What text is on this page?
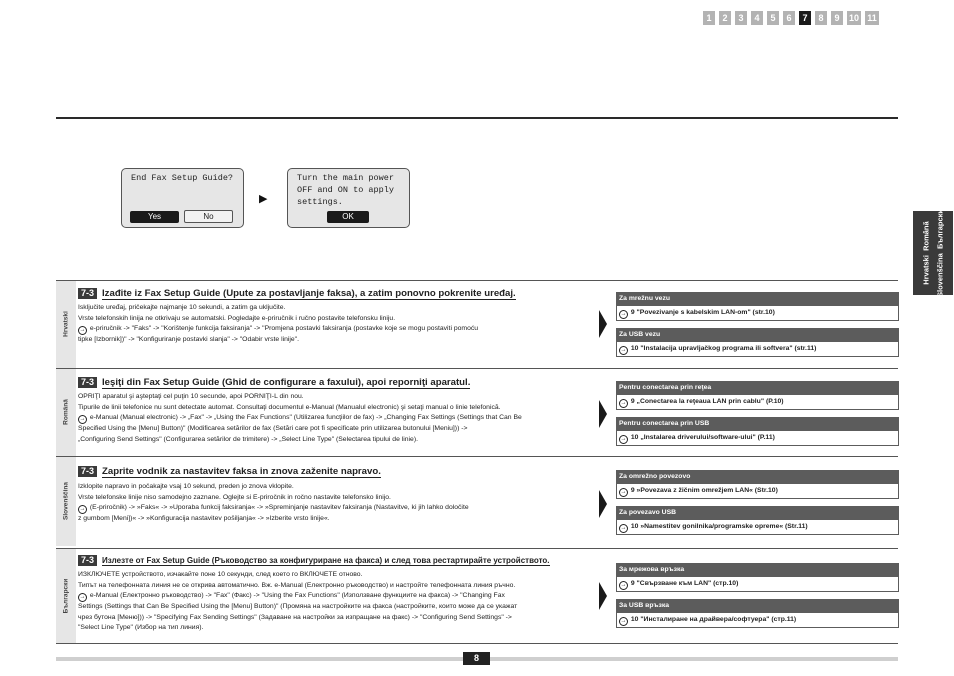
1	2	3	4	5	6	7	8	9	10 11
End Fax Setup Guide?
Yes	No
▶
Turn the main power
OFF and ON to apply
settings.
OK
Hrvatski  Română
Slovenščina  Български
Hrvatski
7-3 Izađite iz Fax Setup Guide (Upute za postavljanje faksa), a zatim ponovno pokrenite uređaj.

Isključite uređaj, pričekajte najmanje 10 sekundi, a zatim ga uključite.

Vrste telefonskih linija ne otkrivaju se automatski. Pogledajte e-priručnik i ručno postavite telefonsku liniju.

→ e-priručnik -> "Faks" -> "Korištenje funkcija faksiranja" -> "Promjena postavki faksiranja (postavke koje se mogu postaviti pomoću

tipke [Izbornik])" -> "Konfiguriranje postavki slanja" -> "Odabir vrste linije".

Za mrežnu vezu
→ 9 "Povezivanje s kabelskim LAN-om" (str.10)
Za USB vezu
→ 10 "Instalacija upravljačkog programa ili softvera" (str.11)
Română
7-3 Ieşiţi din Fax Setup Guide (Ghid de configurare a faxului), apoi reporniţi aparatul.

OPRIŢI aparatul şi aşteptaţi cel puţin 10 secunde, apoi PORNIŢI-L din nou.

Tipurile de linii telefonice nu sunt detectate automat. Consultaţi documentul e-Manual (Manualul electronic) şi setaţi manual o linie telefonică.

→ e-Manual (Manual electronic) -> „Fax" -> „Using the Fax Functions" (Utilizarea funcţiilor de fax) -> „Changing Fax Settings (Settings that Can Be

Specified Using the [Menu] Button)" (Modificarea setărilor de fax (Setări care pot fi specificate prin utilizarea butonului [Meniu])) ->

„Configuring Send Settings" (Configurarea setărilor de trimitere) -> „Select Line Type" (Selectarea tipului de linie).

Pentru conectarea prin reţea
→ 9 „Conectarea la reţeaua LAN prin cablu" (P.10)
Pentru conectarea prin USB
→ 10 „Instalarea driverului/software-ului" (P.11)
Slovenščina
7-3 Zaprite vodnik za nastavitev faksa in znova zaženite napravo.

Izklopite napravo in počakajte vsaj 10 sekund, preden jo znova vklopite.

Vrste telefonske linije niso samodejno zaznane. Oglejte si E-priročnik in ročno nastavite telefonsko linijo.

→ (E-priročnik) -> »Faks« -> »Uporaba funkcij faksiranja« -> »Spreminjanje nastavitev faksiranja (Nastavitve, ki jih lahko določite

z gumbom [Meni])« -> »Konfiguracija nastavitev pošiljanja« -> »Izberite vrsto linije«.

Za omrežno povezovo
→ 9 »Povezava z žičnim omrežjem LAN« (Str.10)
Za povezavo USB
→ 10 »Namestitev gonilnika/programske opreme« (Str.11)
Български
7-3 Излезте от Fax Setup Guide (Ръководство за конфигуриране на факса) и след това рестартирайте устройството.

ИЗКЛЮЧЕТЕ устройството, изчакайте поне 10 секунди, след което го ВКЛЮЧЕТЕ отново.

Типът на телефонната линия не се открива автоматично. Вж. e-Manual (Електронно ръководство) и настройте телефонната линия ръчно.

→ e-Manual (Електронно ръководство) -> "Fax" (Факс) -> "Using the Fax Functions" (Използване функциите на факса) -> "Changing Fax

Settings (Settings that Can Be Specified Using the [Menu] Button)" (Промяна на настройките на факса (настройките, които може да се укажат

чрез бутона [Меню])) -> "Specifying Fax Sending Settings" (Задаване на настройки за изпращане на факс) -> "Configuring Send Settings" ->

"Select Line Type" (Избор на тип линия).

За мрежова връзка
→ 9 "Свързване към LAN" (стр.10)
За USB връзка
→ 10 "Инсталиране на драйвера/софтуера" (стр.11)
8
